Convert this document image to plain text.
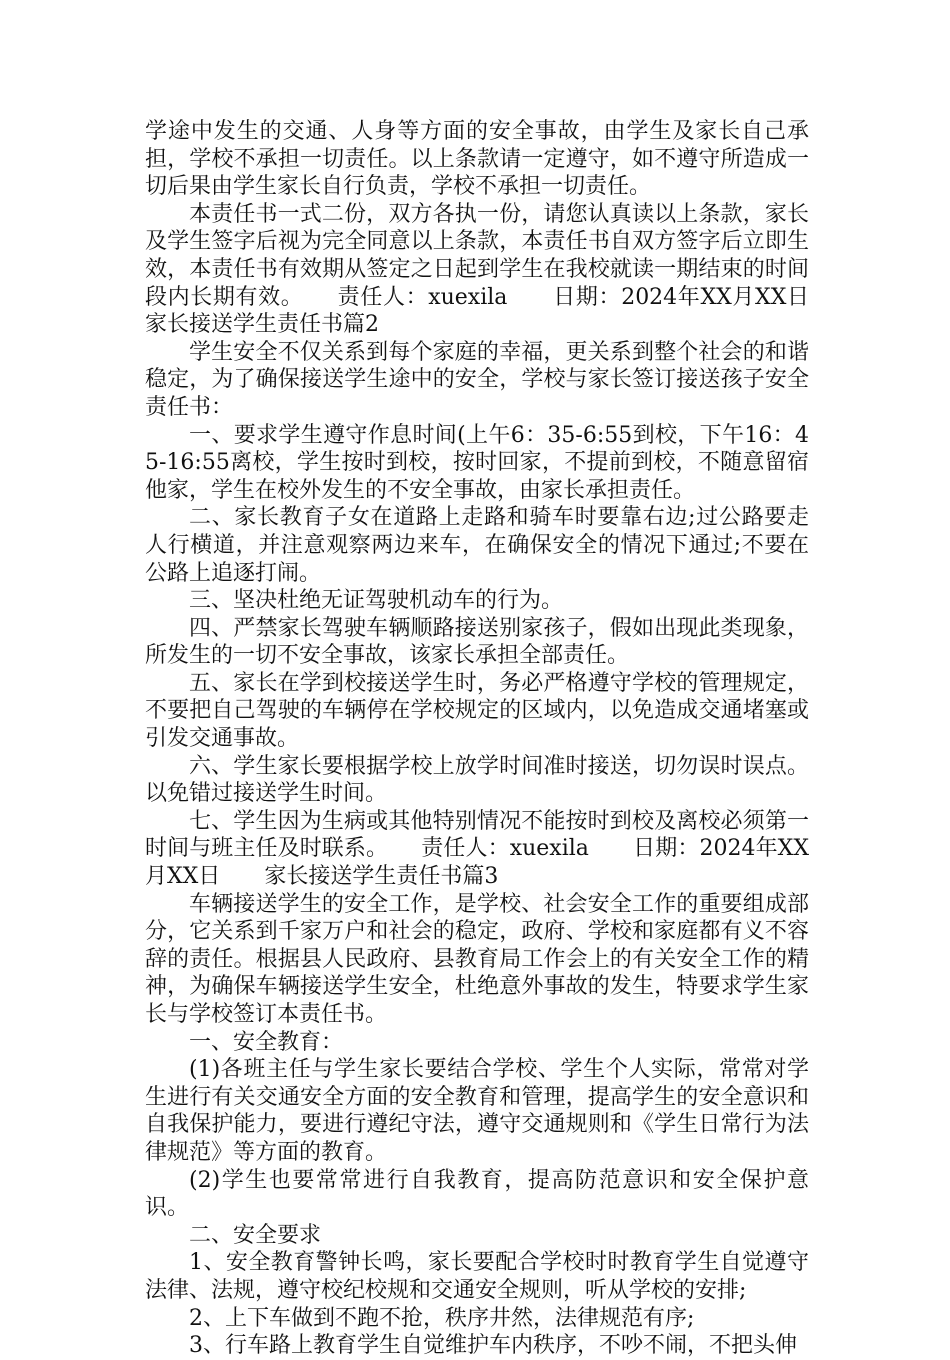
学途中发生的交通、人身等方面的安全事故，由学生及家长自己承担，学校不承担一切责任。以上条款请一定遵守，如不遵守所造成一切后果由学生家长自行负责，学校不承担一切责任。

本责任书一式二份，双方各执一份，请您认真读以上条款，家长及学生签字后视为完全同意以上条款，本责任书自双方签字后立即生效，本责任书有效期从签定之日起到学生在我校就读一期结束的时间段内长期有效。　　责任人：xuexila　　日期：2024年XX月XX日　　家长接送学生责任书篇2

学生安全不仅关系到每个家庭的幸福，更关系到整个社会的和谐稳定，为了确保接送学生途中的安全，学校与家长签订接送孩子安全责任书：

一、要求学生遵守作息时间(上午6：35-6:55到校，下午16：45-16:55离校，学生按时到校，按时回家，不提前到校，不随意留宿他家，学生在校外发生的不安全事故，由家长承担责任。

二、家长教育子女在道路上走路和骑车时要靠右边;过公路要走人行横道，并注意观察两边来车，在确保安全的情况下通过;不要在公路上追逐打闹。

三、坚决杜绝无证驾驶机动车的行为。

四、严禁家长驾驶车辆顺路接送别家孩子，假如出现此类现象，所发生的一切不安全事故，该家长承担全部责任。

五、家长在学到校接送学生时，务必严格遵守学校的管理规定，不要把自己驾驶的车辆停在学校规定的区域内，以免造成交通堵塞或引发交通事故。

六、学生家长要根据学校上放学时间准时接送，切勿误时误点。以免错过接送学生时间。

七、学生因为生病或其他特别情况不能按时到校及离校必须第一时间与班主任及时联系。　　责任人：xuexila　　日期：2024年XX月XX日　　家长接送学生责任书篇3

车辆接送学生的安全工作，是学校、社会安全工作的重要组成部分，它关系到千家万户和社会的稳定，政府、学校和家庭都有义不容辞的责任。根据县人民政府、县教育局工作会上的有关安全工作的精神，为确保车辆接送学生安全，杜绝意外事故的发生，特要求学生家长与学校签订本责任书。

一、安全教育：

(1)各班主任与学生家长要结合学校、学生个人实际，常常对学生进行有关交通安全方面的安全教育和管理，提高学生的安全意识和自我保护能力，要进行遵纪守法，遵守交通规则和《学生日常行为法律规范》等方面的教育。

(2)学生也要常常进行自我教育，提高防范意识和安全保护意识。

二、安全要求

1、安全教育警钟长鸣，家长要配合学校时时教育学生自觉遵守法律、法规，遵守校纪校规和交通安全规则，听从学校的安排;

2、上下车做到不跑不抢，秩序井然，法律规范有序;

3、行车路上教育学生自觉维护车内秩序，不吵不闹，不把头伸
